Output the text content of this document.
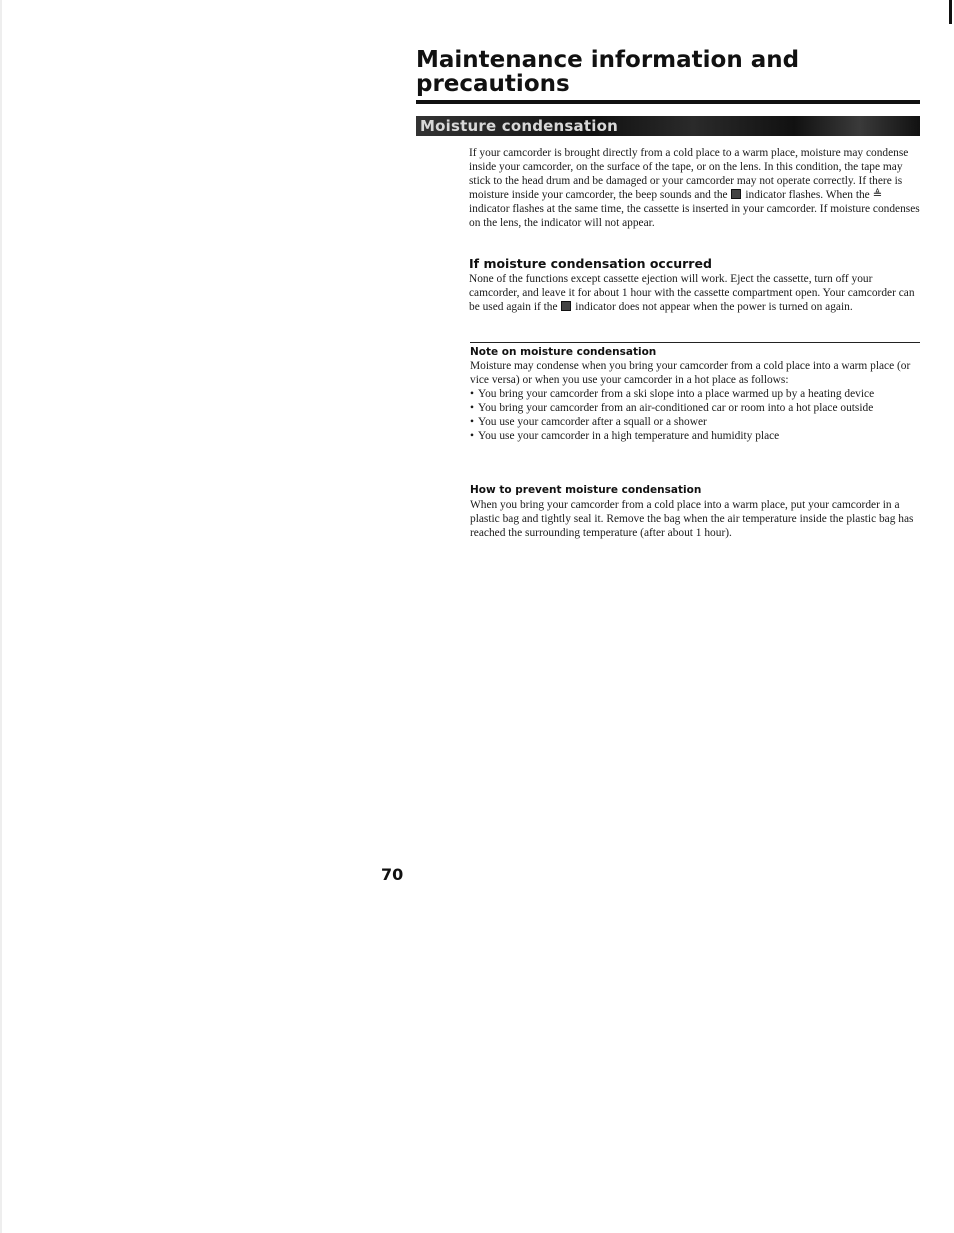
Maintenance information and precautions
Moisture condensation

If your camcorder is brought directly from a cold place to a warm place, moisture may condense inside your camcorder, on the surface of the tape, or on the lens. In this condition, the tape may stick to the head drum and be damaged or your camcorder may not operate correctly. If there is moisture inside your camcorder, the beep sounds and the indicator flashes. When the ≜ indicator flashes at the same time, the cassette is inserted in your camcorder. If moisture condenses on the lens, the indicator will not appear.

If moisture condensation occurred

None of the functions except cassette ejection will work. Eject the cassette, turn off your camcorder, and leave it for about 1 hour with the cassette compartment open. Your camcorder can be used again if the indicator does not appear when the power is turned on again.

Note on moisture condensation

Moisture may condense when you bring your camcorder from a cold place into a warm place (or vice versa) or when you use your camcorder in a hot place as follows:

• You bring your camcorder from a ski slope into a place warmed up by a heating device
• You bring your camcorder from an air-conditioned car or room into a hot place outside
• You use your camcorder after a squall or a shower
• You use your camcorder in a high temperature and humidity place
How to prevent moisture condensation

When you bring your camcorder from a cold place into a warm place, put your camcorder in a plastic bag and tightly seal it. Remove the bag when the air temperature inside the plastic bag has reached the surrounding temperature (after about 1 hour).

70
